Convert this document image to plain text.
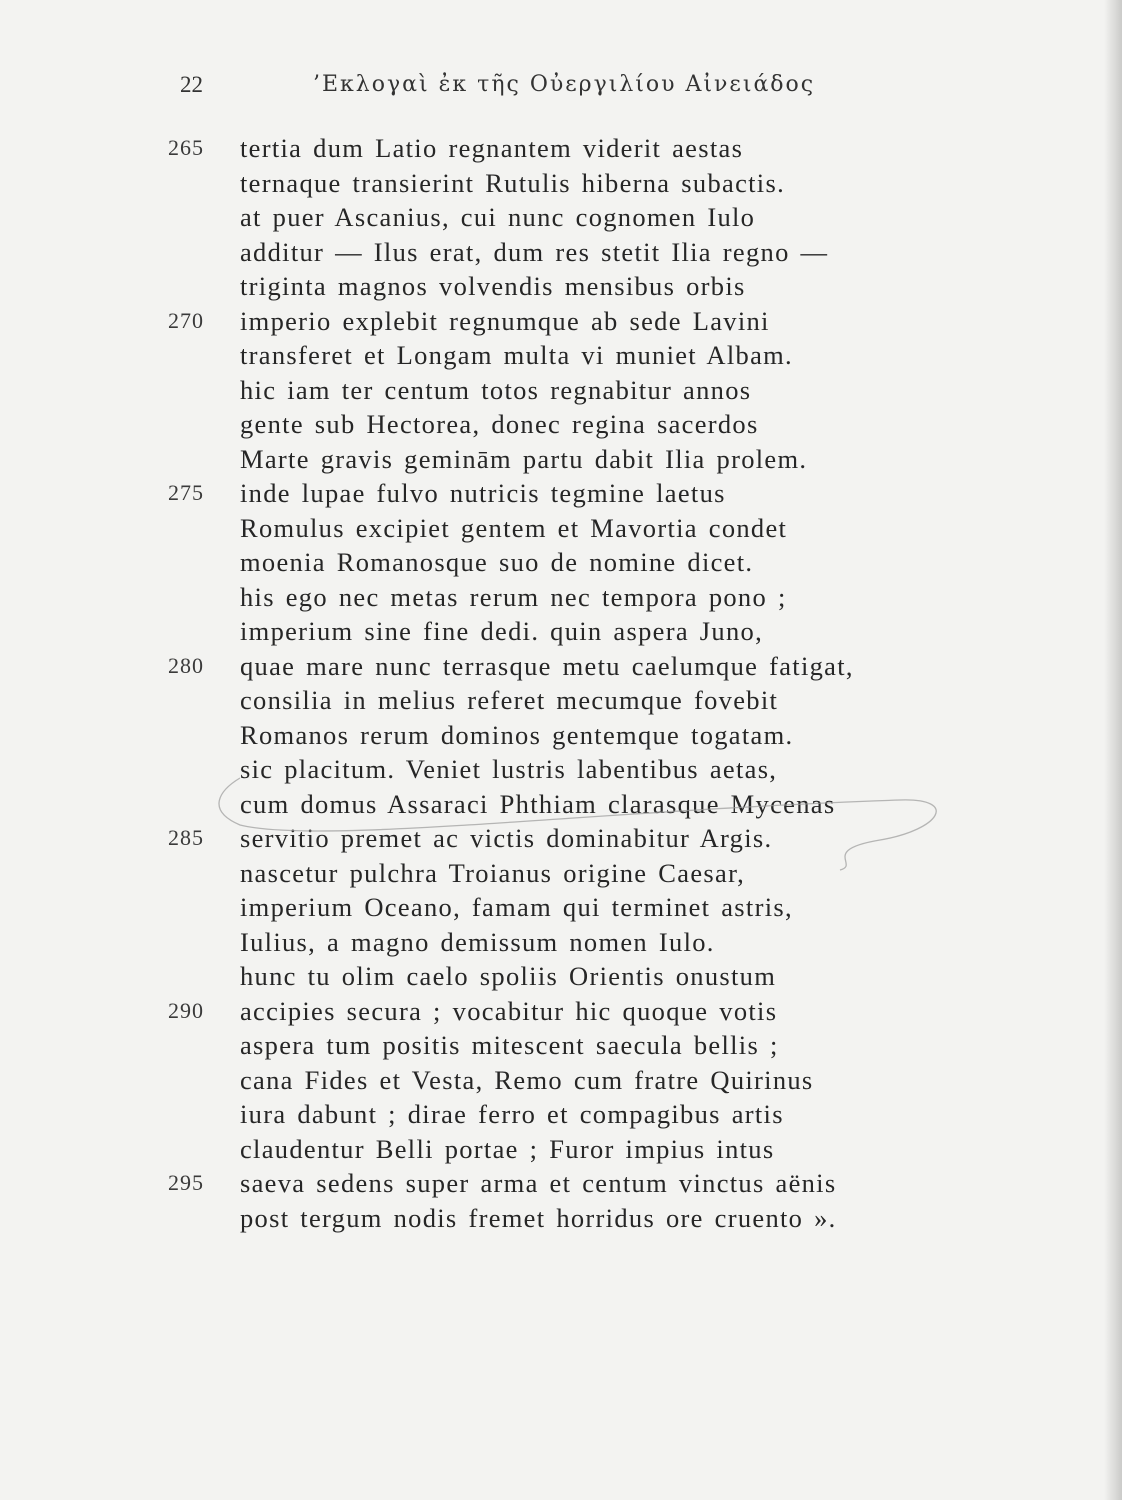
22	’Εκλογαὶ ἐκ τῆς Οὐεργιλίου Αἰνειάδος
265	tertia dum Latio regnantem viderit aestas
ternaque transierint Rutulis hiberna subactis.
at puer Ascanius, cui nunc cognomen Iulo
additur — Ilus erat, dum res stetit Ilia regno —
triginta magnos volvendis mensibus orbis
270	imperio explebit regnumque ab sede Lavini
transferet et Longam multa vi muniet Albam.
hic iam ter centum totos regnabitur annos
gente sub Hectorea, donec regina sacerdos
Marte gravis geminām partu dabit Ilia prolem.
275	inde lupae fulvo nutricis tegmine laetus
Romulus excipiet gentem et Mavortia condet
moenia Romanosque suo de nomine dicet.
his ego nec metas rerum nec tempora pono ;
imperium sine fine dedi. quin aspera Juno,
280	quae mare nunc terrasque metu caelumque fatigat,
consilia in melius referet mecumque fovebit
Romanos rerum dominos gentemque togatam.
sic placitum. Veniet lustris labentibus aetas,
cum domus Assaraci Phthiam clarasque Mycenas
285	servitio premet ac victis dominabitur Argis.
nascetur pulchra Troianus origine Caesar,
imperium Oceano, famam qui terminet astris,
Iulius, a magno demissum nomen Iulo.
hunc tu olim caelo spoliis Orientis onustum
290	accipies secura ; vocabitur hic quoque votis
aspera tum positis mitescent saecula bellis ;
cana Fides et Vesta, Remo cum fratre Quirinus
iura dabunt ; dirae ferro et compagibus artis
claudentur Belli portae ; Furor impius intus
295	saeva sedens super arma et centum vinctus aënis
post tergum nodis fremet horridus ore cruento ».
